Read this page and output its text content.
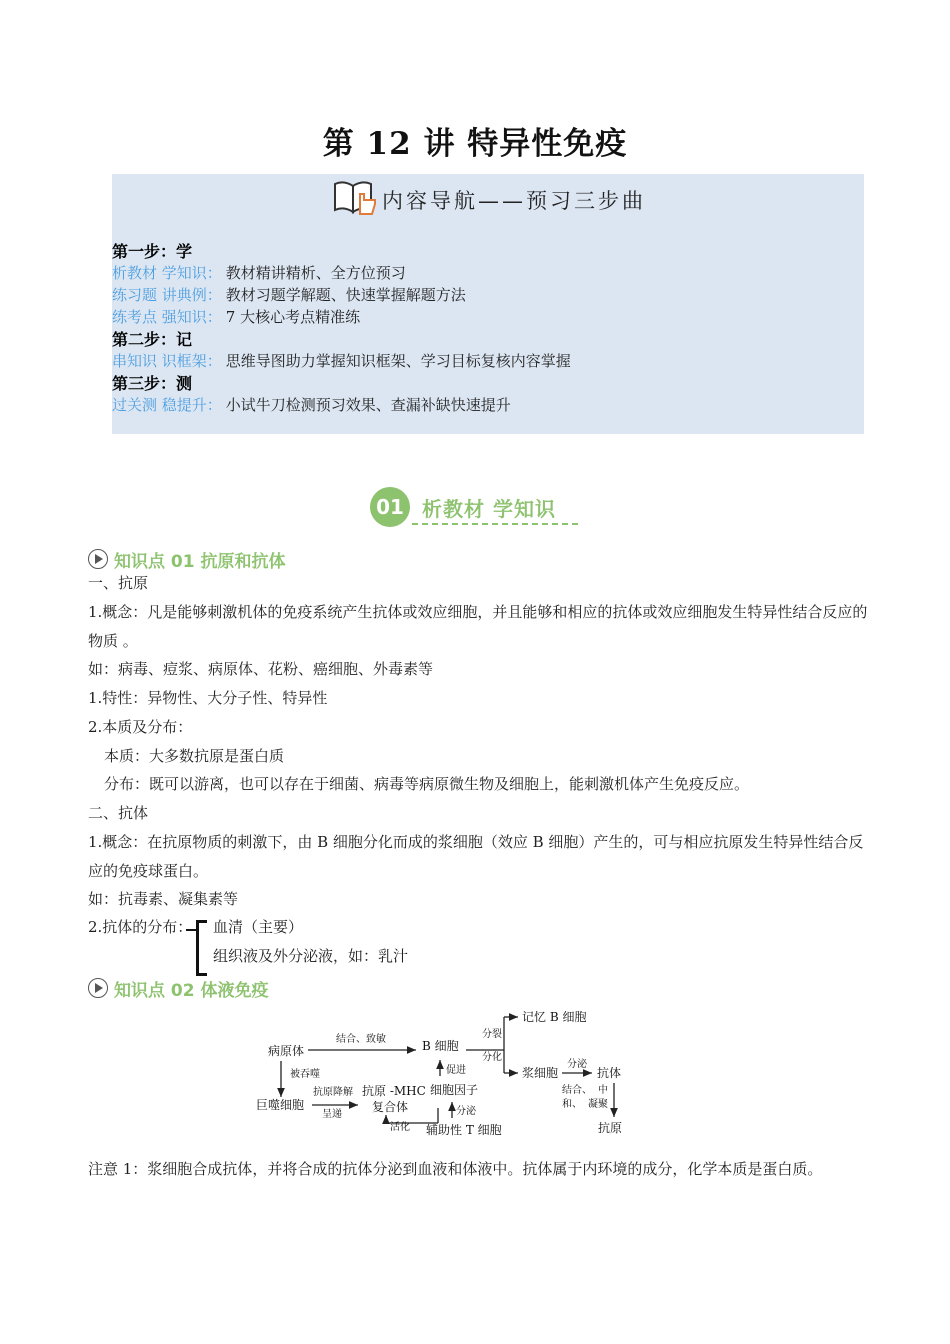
第 12 讲 特异性免疫
内容导航——预习三步曲
第一步：学
析教材 学知识： 教材精讲精析、全方位预习
练习题 讲典例： 教材习题学解题、快速掌握解题方法
练考点 强知识： 7 大核心考点精准练
第二步：记
串知识 识框架： 思维导图助力掌握知识框架、学习目标复核内容掌握
第三步：测
过关测 稳提升： 小试牛刀检测预习效果、查漏补缺快速提升
01 析教材 学知识
知识点 01 抗原和抗体
一、抗原
1.概念：凡是能够刺激机体的免疫系统产生抗体或效应细胞，并且能够和相应的抗体或效应细胞发生特异性结合反应的物质 。
如：病毒、痘浆、病原体、花粉、癌细胞、外毒素等
1.特性：异物性、大分子性、特异性
2.本质及分布：
本质：大多数抗原是蛋白质
分布：既可以游离，也可以存在于细菌、病毒等病原微生物及细胞上，能刺激机体产生免疫反应。
二、抗体
1.概念：在抗原物质的刺激下，由 B 细胞分化而成的浆细胞（效应 B 细胞）产生的，可与相应抗原发生特异性结合反应的免疫球蛋白。
如：抗毒素、凝集素等
2.抗体的分布：	血清（主要）
组织液及外分泌液，如：乳汁
知识点 02 体液免疫
病原体
结合、致敏	B 细胞
分裂
分化
记忆 B 细胞
浆细胞
分泌
抗体
被吞噬
巨噬细胞
抗原降解
呈递
抗原 -MHC
复合体
活化
细胞因子
促进
分泌
辅助性 T 细胞
结合、 中
和、 凝聚
抗原
注意 1：浆细胞合成抗体，并将合成的抗体分泌到血液和体液中。抗体属于内环境的成分，化学本质是蛋白质。
